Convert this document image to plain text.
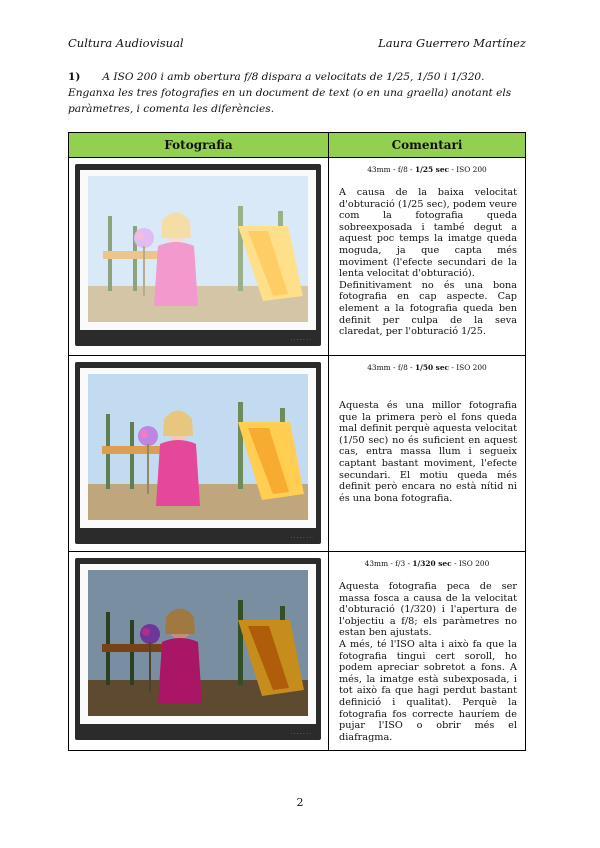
Cultura Audiovisual	Laura Guerrero Martínez
1) A ISO 200 i amb obertura f/8 dispara a velocitats de 1/25, 1/50 i 1/320. Enganxa les tres fotografies en un document de text (o en una graella) anotant els paràmetres, i comenta les diferències.
Fotografia	Comentari

· · · · · · ·	43mm - f/8 - 1/25 sec - ISO 200
A causa de la baixa velocitat d'obturació (1/25 sec), podem veure com la fotografia queda sobreexposada i també degut a aquest poc temps la imatge queda moguda, ja que capta més moviment (l'efecte secundari de la lenta velocitat d'obturació).
Definitivament no és una bona fotografia en cap aspecte. Cap element a la fotografia queda ben definit per culpa de la seva claredat, per l'obturació 1/25.

· · · · · · ·	43mm - f/8 - 1/50 sec - ISO 200
Aquesta és una millor fotografia que la primera però el fons queda mal definit perquè aquesta velocitat (1/50 sec) no és suficient en aquest cas, entra massa llum i segueix captant bastant moviment, l'efecte secundari. El motiu queda més definit però encara no està nítid ni és una bona fotografia.

· · · · · · ·	43mm - f/3 - 1/320 sec - ISO 200
Aquesta fotografia peca de ser massa fosca a causa de la velocitat d'obturació (1/320) i l'apertura de l'objectiu a f/8; els paràmetres no estan ben ajustats.
A més, té l'ISO alta i això fa que la fotografia tingui cert soroll, ho podem apreciar sobretot a fons. A més, la imatge està subexposada, i tot això fa que hagi perdut bastant definició i qualitat). Perquè la fotografia fos correcte hauríem de pujar l'ISO o obrir més el diafragma.
2
